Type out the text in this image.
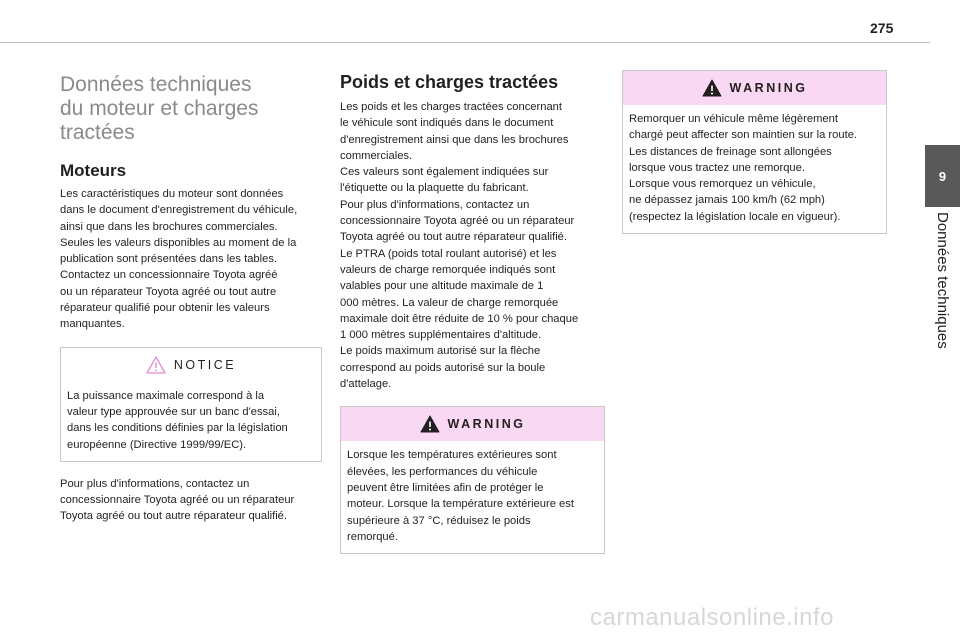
275
9
Données techniques
Données techniques
du moteur et charges
tractées
Moteurs

Les caractéristiques du moteur sont données
dans le document d'enregistrement du véhicule,
ainsi que dans les brochures commerciales.
Seules les valeurs disponibles au moment de la
publication sont présentées dans les tables.
Contactez un concessionnaire Toyota agréé
ou un réparateur Toyota agréé ou tout autre
réparateur qualifié pour obtenir les valeurs
manquantes.

NOTICE

La puissance maximale correspond à la
valeur type approuvée sur un banc d'essai,
dans les conditions définies par la législation
européenne (Directive 1999/99/EC).

Pour plus d'informations, contactez un
concessionnaire Toyota agréé ou un réparateur
Toyota agréé ou tout autre réparateur qualifié.

Poids et charges tractées

Les poids et les charges tractées concernant
le véhicule sont indiqués dans le document
d'enregistrement ainsi que dans les brochures
commerciales.
Ces valeurs sont également indiquées sur
l'étiquette ou la plaquette du fabricant.
Pour plus d'informations, contactez un
concessionnaire Toyota agréé ou un réparateur
Toyota agréé ou tout autre réparateur qualifié.
Le PTRA (poids total roulant autorisé) et les
valeurs de charge remorquée indiqués sont
valables pour une altitude maximale de 1
000 mètres. La valeur de charge remorquée
maximale doit être réduite de 10 % pour chaque
1 000 mètres supplémentaires d'altitude.
Le poids maximum autorisé sur la flèche
correspond au poids autorisé sur la boule
d'attelage.

WARNING

Lorsque les températures extérieures sont
élevées, les performances du véhicule
peuvent être limitées afin de protéger le
moteur. Lorsque la température extérieure est
supérieure à 37 °C, réduisez le poids
remorqué.

WARNING

Remorquer un véhicule même légèrement
chargé peut affecter son maintien sur la route.
Les distances de freinage sont allongées
lorsque vous tractez une remorque.
Lorsque vous remorquez un véhicule,
ne dépassez jamais 100 km/h (62 mph)
(respectez la législation locale en vigueur).

carmanualsonline.info
